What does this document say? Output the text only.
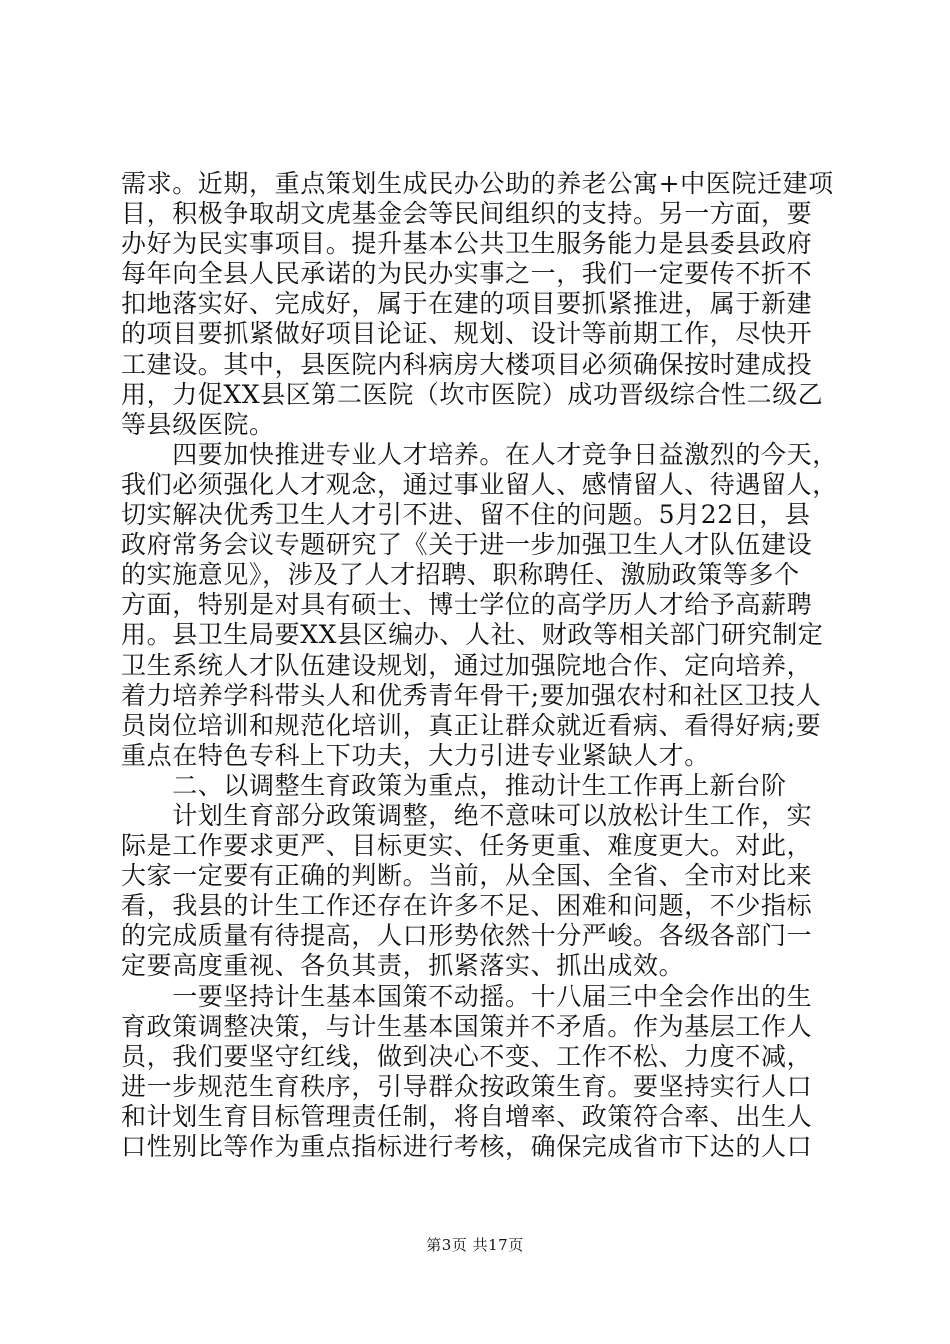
需求。近期，重点策划生成民办公助的养老公寓+中医院迁建项
目，积极争取胡文虎基金会等民间组织的支持。另一方面，要
办好为民实事项目。提升基本公共卫生服务能力是县委县政府
每年向全县人民承诺的为民办实事之一，我们一定要传不折不
扣地落实好、完成好，属于在建的项目要抓紧推进，属于新建
的项目要抓紧做好项目论证、规划、设计等前期工作，尽快开
工建设。其中，县医院内科病房大楼项目必须确保按时建成投
用，力促XX县区第二医院（坎市医院）成功晋级综合性二级乙
等县级医院。

　　四要加快推进专业人才培养。在人才竞争日益激烈的今天，
我们必须强化人才观念，通过事业留人、感情留人、待遇留人，
切实解决优秀卫生人才引不进、留不住的问题。5月22日，县
政府常务会议专题研究了《关于进一步加强卫生人才队伍建设
的实施意见》，涉及了人才招聘、职称聘任、激励政策等多个
方面，特别是对具有硕士、博士学位的高学历人才给予高薪聘
用。县卫生局要XX县区编办、人社、财政等相关部门研究制定
卫生系统人才队伍建设规划，通过加强院地合作、定向培养，
着力培养学科带头人和优秀青年骨干;要加强农村和社区卫技人
员岗位培训和规范化培训，真正让群众就近看病、看得好病;要
重点在特色专科上下功夫，大力引进专业紧缺人才。

　　二、以调整生育政策为重点，推动计生工作再上新台阶

　　计划生育部分政策调整，绝不意味可以放松计生工作，实
际是工作要求更严、目标更实、任务更重、难度更大。对此，
大家一定要有正确的判断。当前，从全国、全省、全市对比来
看，我县的计生工作还存在许多不足、困难和问题，不少指标
的完成质量有待提高，人口形势依然十分严峻。各级各部门一
定要高度重视、各负其责，抓紧落实、抓出成效。

　　一要坚持计生基本国策不动摇。十八届三中全会作出的生
育政策调整决策，与计生基本国策并不矛盾。作为基层工作人
员，我们要坚守红线，做到决心不变、工作不松、力度不减，
进一步规范生育秩序，引导群众按政策生育。要坚持实行人口
和计划生育目标管理责任制，将自增率、政策符合率、出生人
口性别比等作为重点指标进行考核，确保完成省市下达的人口

第3页 共17页
